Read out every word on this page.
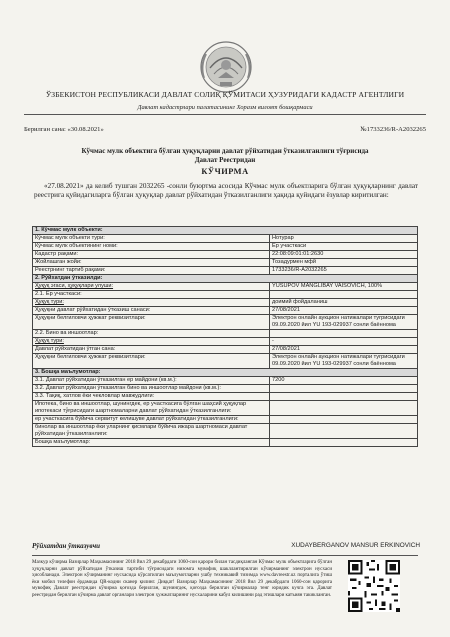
ЎЗБЕКИСТОН РЕСПУБЛИКАСИ ДАВЛАТ СОЛИҚ ҚЎМИТАСИ ҲУЗУРИДАГИ КАДАСТР АГЕНТЛИГИ
Давлат кадастрлари палатасининг Хоразм вилоят бошқармаси
Берилган сана: «30.08.2021»	№1733236/R-A2032265
Кўчмас мулк объектига бўлган ҳуқуқларни давлат рўйхатидан ўтказилганлиги тўғрисида
Давлат Реестридан
КЎЧИРМА
«27.08.2021» да келиб тушган 2032265 -сонли буюртма асосида Кўчмас мулк объектларига бўлган ҳуқуқларнинг давлат реестрига қуйидагиларга бўлган ҳуқуқлар давлат рўйхатидан ўтказилганлиги ҳақида қуйидаги ёзувлар киритилган:
1. Кўчмас мулк объекти:	
Кўчмас мулк объекти тури:	Нотурар
Кўчмас мулк объектининг номи:	Ер участкаси
Кадастр рақами:	22:08:09:01:01:2630
Жойлашган жойи:	Тозадурмен мфй
Реестрнинг тартиб рақами:	1733236/R-A2032265
2. Рўйхатдан ўтказилди:	
Ҳуқуқ эгаси, ҳуқуқлари улуши:	YUSUPOV MANGLIBAY VAISOVICH, 100%
2.1. Ер участкаси:	
Ҳуқуқ тури:	доимий фойдаланиш
Ҳуқуқни давлат рўйхатидан ўтказиш санаси:	27/08/2021
Ҳуқуқни белгиловчи ҳужжат реквизитлари:	Электрон онлайн аукцион натижалари тугрисидаги 09.09.2020 йил YU 193-029937 сонли баённома
2.2. Бино ва иншоотлар:	
Ҳуқуқ тури:	-
Давлат рўйхатидан ўтган сана:	27/08/2021
Ҳуқуқни белгиловчи ҳужжат реквизитлари:	Электрон онлайн аукцион натижалари тугрисидаги 09.09.2020 йил YU 193-029937 сонли баённома
3. Бошқа маълумотлар:	
3.1. Давлат рўйхатидан ўтказилган ер майдони (кв.м.):	7200
3.2. Давлат рўйхатидан ўтказилган бино ва иншоотлар майдони (кв.м.):	
3.3. Тақиқ, хатлов ёки чекловлар мавжудлиги:	
Ипотека, бино ва иншоотлар, шунингдек, ер участкасига бўлган шаҳсий ҳуқуқлар ипотекаси тўғрисидаги шартномаларни давлат рўйхатидан ўтказилганлиги:	
ер участкасига бўйича сервитут келишуве давлат рўйхатидан ўтказилганлиги:	
бинолар ва иншоотлар ёки уларнинг қисмлари бўйича ижара шартномаси давлат рўйхатидан ўтказилганлиги:	
Бошқа маълумотлар:	
Рўйхатдан ўтказувчи	XUDAYBERGANOV MANSUR ERKINOVICH
Мазкур кўчирма Вазирлар Маҳкамасининг 2018 йил 29 декабрдаги 1060-сон қарори билан тасдиқланган Кўчмас мулк объектларига бўлган ҳуқуқларни давлат рўйхатидан ўтказиш тартиби тўғрисидаги низомга мувофиқ шакллантирилган кўчирманинг электрон нусхаси ҳисобланади. Электрон кўчирманинг нусхасида кўрсатилган маълумотларни ушбу техникавий тизимда www.davreestr.uz порталига ўтиш ёки мобил телефон ёрдамида QR-кодни сканер қилинг. Диққат! Вазирлар Маҳкамасининг 2018 йил 29 декабрдаги 1060-сон қарорига мувофиқ Давлат реестридан кўчирма қоғозда берилган, шунингдек, қоғозда берилган кўчирмалар тенг юридик кучга эга. Давлат реестридан берилган кўчирма давлат органлари электрон ҳужжатлариннг нусхаларини кабул килишини рад этишлари катъиян такикланган.
